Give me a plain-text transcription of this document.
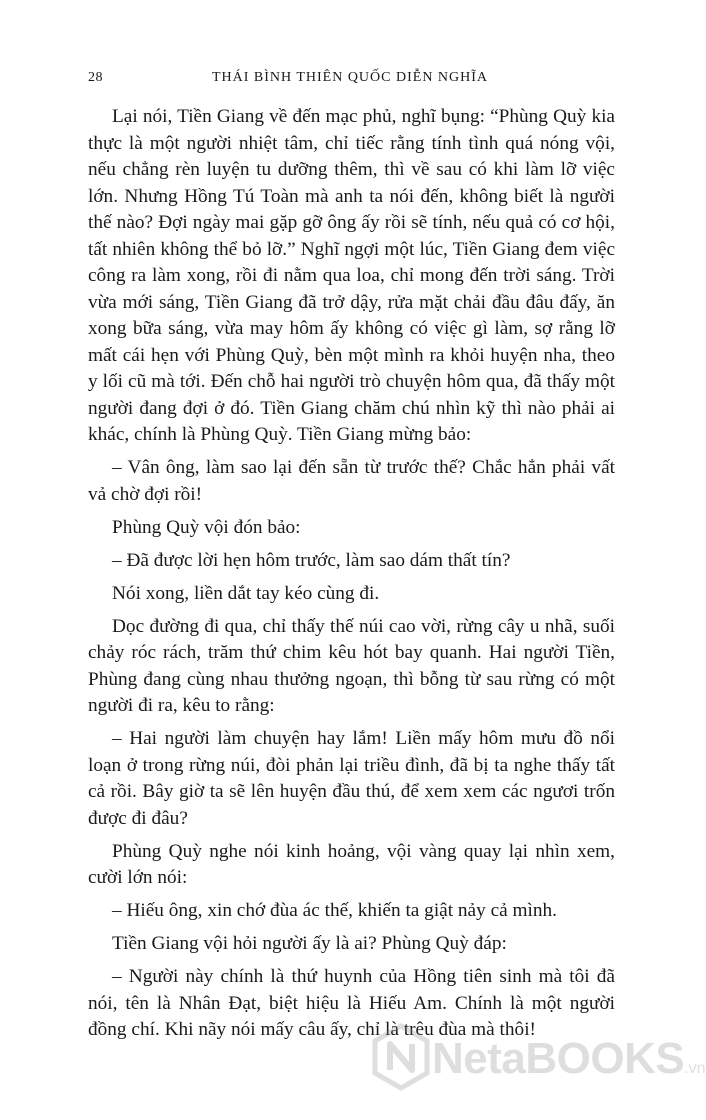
28	THÁI BÌNH THIÊN QUỐC DIỄN NGHĨA

Lại nói, Tiền Giang về đến mạc phủ, nghĩ bụng: “Phùng Quỳ kia thực là một người nhiệt tâm, chỉ tiếc rằng tính tình quá nóng vội, nếu chẳng rèn luyện tu dưỡng thêm, thì về sau có khi làm lỡ việc lớn. Nhưng Hồng Tú Toàn mà anh ta nói đến, không biết là người thế nào? Đợi ngày mai gặp gỡ ông ấy rồi sẽ tính, nếu quả có cơ hội, tất nhiên không thể bỏ lỡ.” Nghĩ ngợi một lúc, Tiền Giang đem việc công ra làm xong, rồi đi nằm qua loa, chỉ mong đến trời sáng. Trời vừa mới sáng, Tiền Giang đã trở dậy, rửa mặt chải đầu đâu đấy, ăn xong bữa sáng, vừa may hôm ấy không có việc gì làm, sợ rằng lỡ mất cái hẹn với Phùng Quỳ, bèn một mình ra khỏi huyện nha, theo y lối cũ mà tới. Đến chỗ hai người trò chuyện hôm qua, đã thấy một người đang đợi ở đó. Tiền Giang chăm chú nhìn kỹ thì nào phải ai khác, chính là Phùng Quỳ. Tiền Giang mừng bảo:

– Vân ông, làm sao lại đến sẵn từ trước thế? Chắc hẳn phải vất vả chờ đợi rồi!

Phùng Quỳ vội đón bảo:

– Đã được lời hẹn hôm trước, làm sao dám thất tín?

Nói xong, liền dắt tay kéo cùng đi.

Dọc đường đi qua, chỉ thấy thế núi cao vời, rừng cây u nhã, suối chảy róc rách, trăm thứ chim kêu hót bay quanh. Hai người Tiền, Phùng đang cùng nhau thưởng ngoạn, thì bỗng từ sau rừng có một người đi ra, kêu to rằng:

– Hai người làm chuyện hay lắm! Liền mấy hôm mưu đồ nổi loạn ở trong rừng núi, đòi phản lại triều đình, đã bị ta nghe thấy tất cả rồi. Bây giờ ta sẽ lên huyện đầu thú, để xem xem các ngươi trốn được đi đâu?

Phùng Quỳ nghe nói kinh hoảng, vội vàng quay lại nhìn xem, cười lớn nói:

– Hiếu ông, xin chớ đùa ác thế, khiến ta giật nảy cả mình.

Tiền Giang vội hỏi người ấy là ai? Phùng Quỳ đáp:

– Người này chính là thứ huynh của Hồng tiên sinh mà tôi đã nói, tên là Nhân Đạt, biệt hiệu là Hiếu Am. Chính là một người đồng chí. Khi nãy nói mấy câu ấy, chỉ là trêu đùa mà thôi!

NetaBOOKS.vn
